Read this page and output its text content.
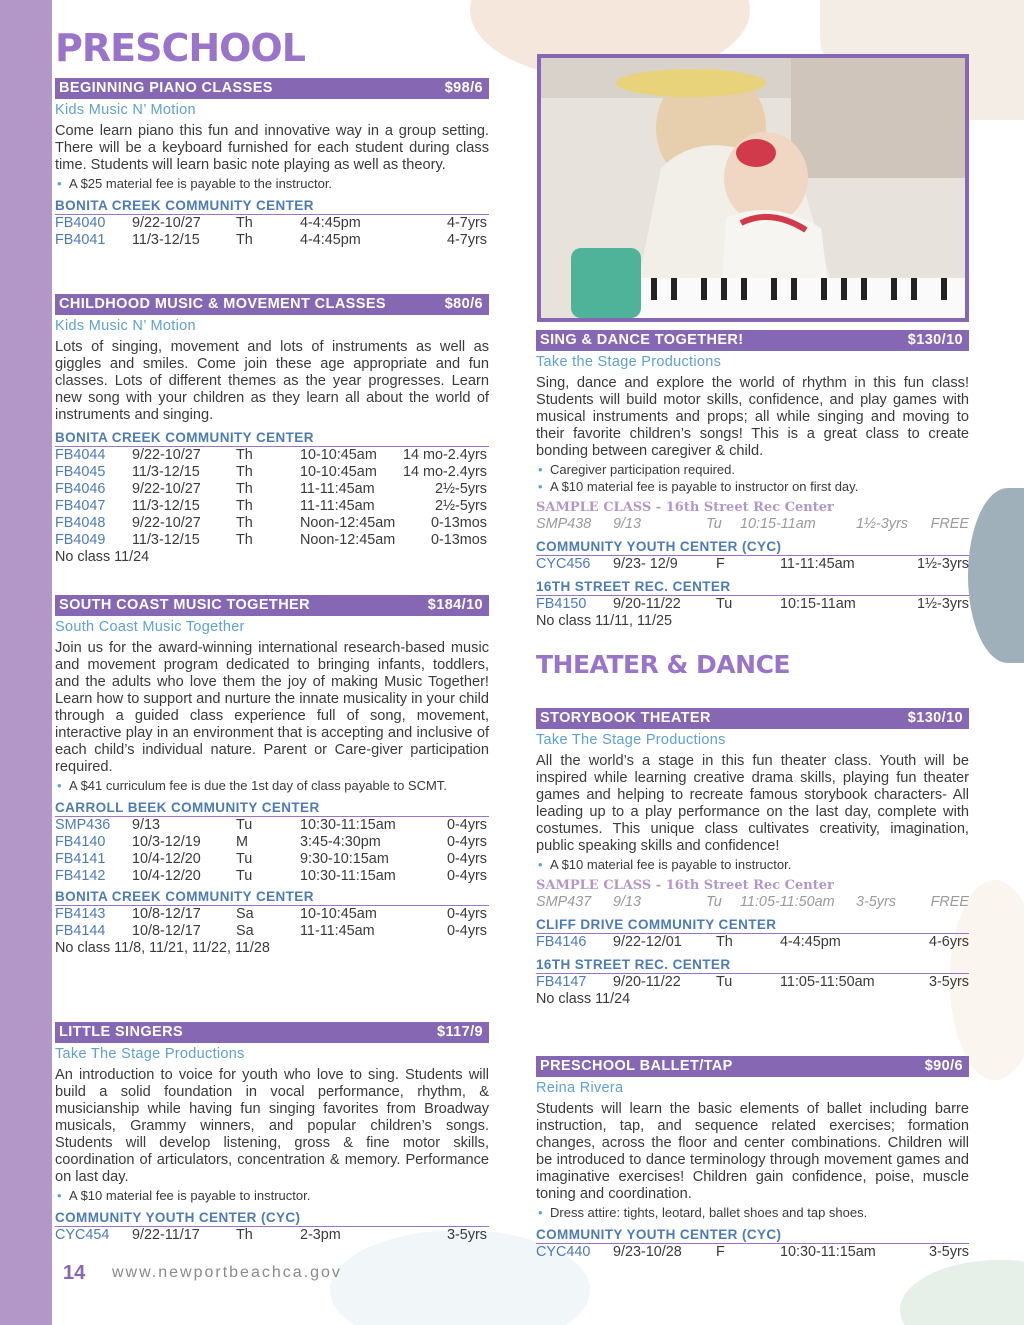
PRESCHOOL
BEGINNING PIANO CLASSES	$98/6
Kids Music N’ Motion

Come learn piano this fun and innovative way in a group setting. There will be a keyboard furnished for each student during class time. Students will learn basic note playing as well as theory.

• A $25 material fee is payable to the instructor.
BONITA CREEK COMMUNITY CENTER
FB4040	9/22-10/27	Th	4-4:45pm	4-7yrs
FB4041	11/3-12/15	Th	4-4:45pm	4-7yrs
CHILDHOOD MUSIC & MOVEMENT CLASSES	$80/6
Kids Music N’ Motion

Lots of singing, movement and lots of instruments as well as giggles and smiles. Come join these age appropriate and fun classes. Lots of different themes as the year progresses. Learn new song with your children as they learn all about the world of instruments and singing.

BONITA CREEK COMMUNITY CENTER
FB4044	9/22-10/27	Th	10-10:45am	14 mo-2.4yrs
FB4045	11/3-12/15	Th	10-10:45am	14 mo-2.4yrs
FB4046	9/22-10/27	Th	11-11:45am	2½-5yrs
FB4047	11/3-12/15	Th	11-11:45am	2½-5yrs
FB4048	9/22-10/27	Th	Noon-12:45am	0-13mos
FB4049	11/3-12/15	Th	Noon-12:45am	0-13mos
No class 11/24
SOUTH COAST MUSIC TOGETHER	$184/10
South Coast Music Together

Join us for the award-winning international research-based music and movement program dedicated to bringing infants, toddlers, and the adults who love them the joy of making Music Together! Learn how to support and nurture the innate musicality in your child through a guided class experience full of song, movement, interactive play in an environment that is accepting and inclusive of each child’s individual nature. Parent or Care-giver participation required.

• A $41 curriculum fee is due the 1st day of class payable to SCMT.
CARROLL BEEK COMMUNITY CENTER
SMP436	9/13	Tu	10:30-11:15am	0-4yrs
FB4140	10/3-12/19	M	3:45-4:30pm	0-4yrs
FB4141	10/4-12/20	Tu	9:30-10:15am	0-4yrs
FB4142	10/4-12/20	Tu	10:30-11:15am	0-4yrs
BONITA CREEK COMMUNITY CENTER
FB4143	10/8-12/17	Sa	10-10:45am	0-4yrs
FB4144	10/8-12/17	Sa	11-11:45am	0-4yrs
No class 11/8, 11/21, 11/22, 11/28
LITTLE SINGERS	$117/9
Take The Stage Productions

An introduction to voice for youth who love to sing. Students will build a solid foundation in vocal performance, rhythm, & musicianship while having fun singing favorites from Broadway musicals, Grammy winners, and popular children’s songs. Students will develop listening, gross & fine motor skills, coordination of articulators, concentration & memory. Performance on last day.

• A $10 material fee is payable to instructor.
COMMUNITY YOUTH CENTER (CYC)
CYC454	9/22-11/17	Th	2-3pm	3-5yrs
SING & DANCE TOGETHER!	$130/10
Take the Stage Productions

Sing, dance and explore the world of rhythm in this fun class! Students will build motor skills, confidence, and play games with musical instruments and props; all while singing and moving to their favorite children’s songs! This is a great class to create bonding between caregiver & child.

• Caregiver participation required.
• A $10 material fee is payable to instructor on first day.
SAMPLE CLASS - 16th Street Rec Center
SMP438	9/13	Tu	10:15-11am	1½-3yrs	FREE
COMMUNITY YOUTH CENTER (CYC)
CYC456	9/23- 12/9	F	11-11:45am	1½-3yrs
16TH STREET REC. CENTER
FB4150	9/20-11/22	Tu	10:15-11am	1½-3yrs
No class 11/11, 11/25
STORYBOOK THEATER	$130/10
Take The Stage Productions

All the world’s a stage in this fun theater class. Youth will be inspired while learning creative drama skills, playing fun theater games and helping to recreate famous storybook characters- All leading up to a play performance on the last day, complete with costumes. This unique class cultivates creativity, imagination, public speaking skills and confidence!

• A $10 material fee is payable to instructor.
SAMPLE CLASS - 16th Street Rec Center
SMP437	9/13	Tu	11:05-11:50am	3-5yrs	FREE
CLIFF DRIVE COMMUNITY CENTER
FB4146	9/22-12/01	Th	4-4:45pm	4-6yrs
16TH STREET REC. CENTER
FB4147	9/20-11/22	Tu	11:05-11:50am	3-5yrs
No class 11/24
PRESCHOOL BALLET/TAP	$90/6
Reina Rivera

Students will learn the basic elements of ballet including barre instruction, tap, and sequence related exercises; formation changes, across the floor and center combinations. Children will be introduced to dance terminology through movement games and imaginative exercises! Children gain confidence, poise, muscle toning and coordination.

• Dress attire: tights, leotard, ballet shoes and tap shoes.
COMMUNITY YOUTH CENTER (CYC)
CYC440	9/23-10/28	F	10:30-11:15am	3-5yrs
THEATER & DANCE
14 www.newportbeachca.gov
